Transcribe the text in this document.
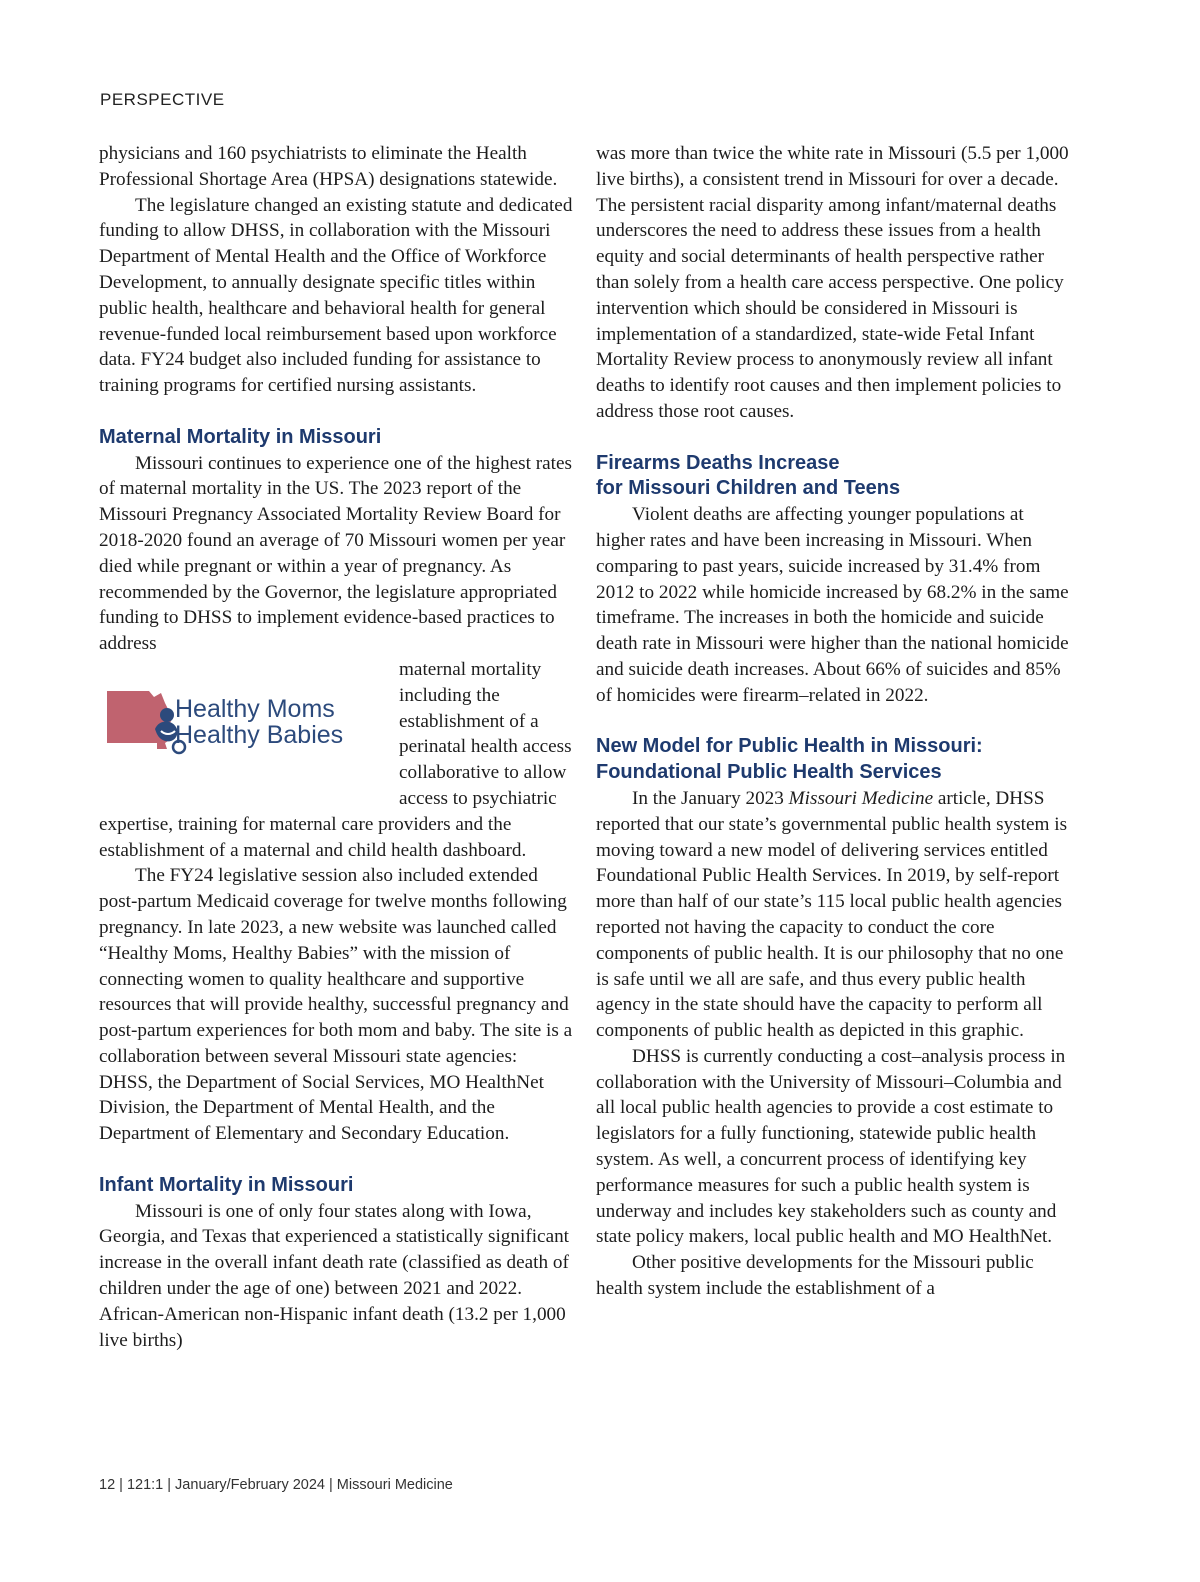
PERSPECTIVE

physicians and 160 psychiatrists to eliminate the Health Professional Shortage Area (HPSA) designations statewide.

The legislature changed an existing statute and dedicated funding to allow DHSS, in collaboration with the Missouri Department of Mental Health and the Office of Workforce Development, to annually designate specific titles within public health, healthcare and behavioral health for general revenue-funded local reimbursement based upon workforce data. FY24 budget also included funding for assistance to training programs for certified nursing assistants.

Maternal Mortality in Missouri

Missouri continues to experience one of the highest rates of maternal mortality in the US. The 2023 report of the Missouri Pregnancy Associated Mortality Review Board for 2018-2020 found an average of 70 Missouri women per year died while pregnant or within a year of pregnancy. As recommended by the Governor, the legislature appropriated funding to DHSS to implement evidence-based practices to address

Healthy Moms
Healthy Babies

maternal mortality including the establishment of a perinatal health access collaborative to allow access to psychiatric expertise, training for maternal care providers and the establishment of a maternal and child health dashboard.

The FY24 legislative session also included extended post-partum Medicaid coverage for twelve months following pregnancy. In late 2023, a new website was launched called “Healthy Moms, Healthy Babies” with the mission of connecting women to quality healthcare and supportive resources that will provide healthy, successful pregnancy and post-partum experiences for both mom and baby. The site is a collaboration between several Missouri state agencies: DHSS, the Department of Social Services, MO HealthNet Division, the Department of Mental Health, and the Department of Elementary and Secondary Education.

Infant Mortality in Missouri

Missouri is one of only four states along with Iowa, Georgia, and Texas that experienced a statistically significant increase in the overall infant death rate (classified as death of children under the age of one) between 2021 and 2022. African-American non-Hispanic infant death (13.2 per 1,000 live births)

was more than twice the white rate in Missouri (5.5 per 1,000 live births), a consistent trend in Missouri for over a decade. The persistent racial disparity among infant/maternal deaths underscores the need to address these issues from a health equity and social determinants of health perspective rather than solely from a health care access perspective. One policy intervention which should be considered in Missouri is implementation of a standardized, state-wide Fetal Infant Mortality Review process to anonymously review all infant deaths to identify root causes and then implement policies to address those root causes.

Firearms Deaths Increase
for Missouri Children and Teens

Violent deaths are affecting younger populations at higher rates and have been increasing in Missouri. When comparing to past years, suicide increased by 31.4% from 2012 to 2022 while homicide increased by 68.2% in the same timeframe. The increases in both the homicide and suicide death rate in Missouri were higher than the national homicide and suicide death increases. About 66% of suicides and 85% of homicides were firearm–related in 2022.

New Model for Public Health in Missouri:
Foundational Public Health Services

In the January 2023 Missouri Medicine article, DHSS reported that our state’s governmental public health system is moving toward a new model of delivering services entitled Foundational Public Health Services. In 2019, by self-report more than half of our state’s 115 local public health agencies reported not having the capacity to conduct the core components of public health. It is our philosophy that no one is safe until we all are safe, and thus every public health agency in the state should have the capacity to perform all components of public health as depicted in this graphic.

DHSS is currently conducting a cost–analysis process in collaboration with the University of Missouri–Columbia and all local public health agencies to provide a cost estimate to legislators for a fully functioning, statewide public health system. As well, a concurrent process of identifying key performance measures for such a public health system is underway and includes key stakeholders such as county and state policy makers, local public health and MO HealthNet.

Other positive developments for the Missouri public health system include the establishment of a

12 | 121:1 | January/February 2024 | Missouri Medicine
